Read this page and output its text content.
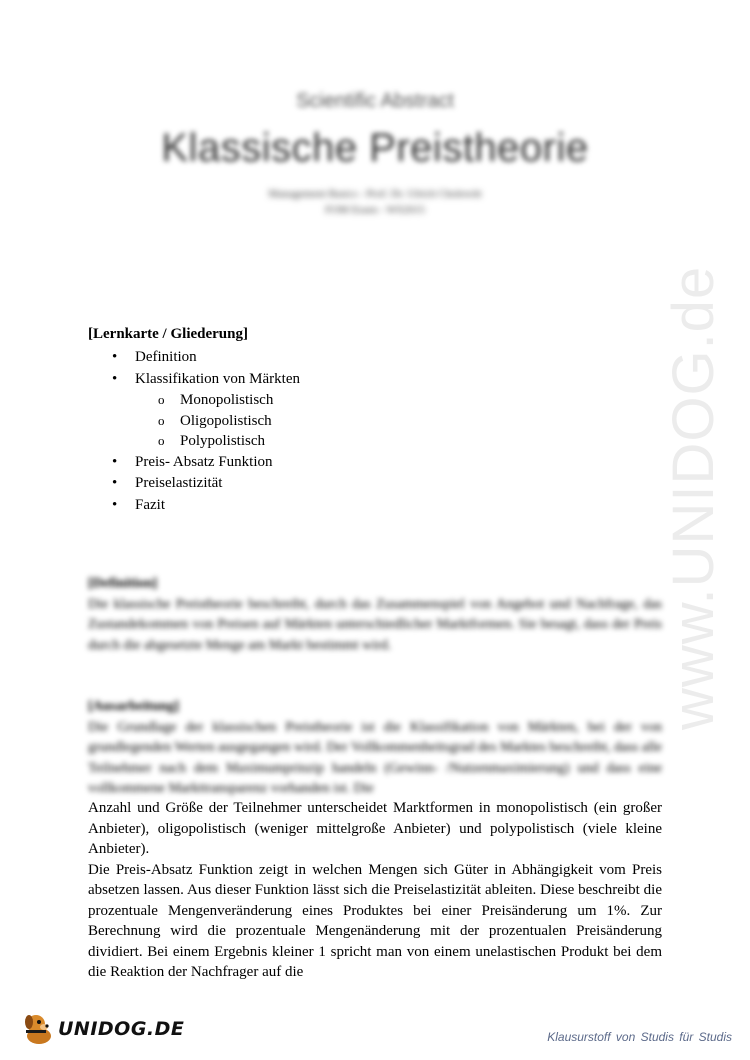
Scientific Abstract
Klassische Preistheorie
Management Basics - Prof. Dr. Ulrich Cholewitt
FOM Essen - WS2015
www.UNIDOG.de
[Lernkarte / Gliederung]
• Definition
• Klassifikation von Märkten
o Monopolistisch
o Oligopolistisch
o Polypolistisch
• Preis- Absatz Funktion
• Preiselastizität
• Fazit
[Definition]
Die klassische Preistheorie beschreibt, durch das Zusammenspiel von Angebot und Nachfrage, das Zustandekommen von Preisen auf Märkten unterschiedlicher Marktformen. Sie besagt, dass der Preis durch die abgesetzte Menge am Markt bestimmt wird.
[Ausarbeitung]
Die Grundlage der klassischen Preistheorie ist die Klassifikation von Märkten, bei der von grundlegenden Werten ausgegangen wird. Der Vollkommenheitsgrad des Marktes beschreibt, dass alle Teilnehmer nach dem Maximumprinzip handeln (Gewinn- /Nutzenmaximierung) und dass eine vollkommene Markttransparenz vorhanden ist. Die

Anzahl und Größe der Teilnehmer unterscheidet Marktformen in monopolistisch (ein großer Anbieter), oligopolistisch (weniger mittelgroße Anbieter) und polypolistisch (viele kleine Anbieter).

Die Preis-Absatz Funktion zeigt in welchen Mengen sich Güter in Abhängigkeit vom Preis absetzen lassen. Aus dieser Funktion lässt sich die Preiselastizität ableiten. Diese beschreibt die prozentuale Mengenveränderung eines Produktes bei einer Preisänderung um 1%. Zur Berechnung wird die prozentuale Mengenänderung mit der prozentualen Preisänderung dividiert. Bei einem Ergebnis kleiner 1 spricht man von einem unelastischen Produkt bei dem die Reaktion der Nachfrager auf die

UNIDOG.DE	Klausurstoff von Studis für Studis
